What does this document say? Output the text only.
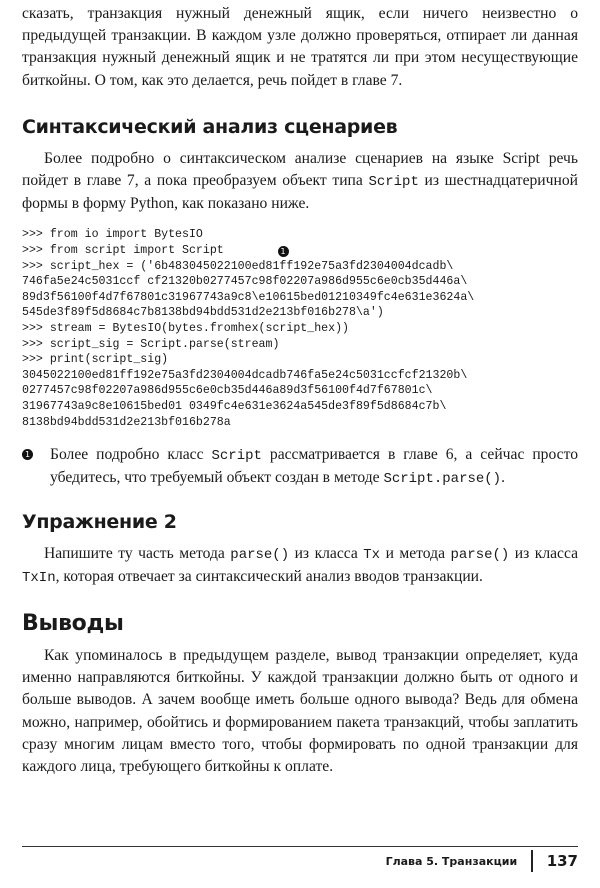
сказать, транзакция нужный денежный ящик, если ничего неизвестно о предыдущей транзакции. В каждом узле должно проверяться, отпирает ли данная транзакция нужный денежный ящик и не тратятся ли при этом несуществующие биткойны. О том, как это делается, речь пойдет в главе 7.

Синтаксический анализ сценариев

Более подробно о синтаксическом анализе сценариев на языке Script речь пойдет в главе 7, а пока преобразуем объект типа Script из шестнадцатеричной формы в форму Python, как показано ниже.

>>> from io import BytesIO
>>> from script import Script	1
>>> script_hex = ('6b483045022100ed81ff192e75a3fd2304004dcadb\
746fa5e24c5031ccf cf21320b0277457c98f02207a986d955c6e0cb35d446a\
89d3f56100f4d7f67801c31967743a9c8\e10615bed01210349fc4e631e3624a\
545de3f89f5d8684c7b8138bd94bdd531d2e213bf016b278\a')
>>> stream = BytesIO(bytes.fromhex(script_hex))
>>> script_sig = Script.parse(stream)
>>> print(script_sig)
3045022100ed81ff192e75a3fd2304004dcadb746fa5e24c5031ccfcf21320b\
0277457c98f02207a986d955c6e0cb35d446a89d3f56100f4d7f67801c\
31967743a9c8e10615bed01 0349fc4e631e3624a545de3f89f5d8684c7b\
8138bd94bdd531d2e213bf016b278a
1 Более подробно класс Script рассматривается в главе 6, а сейчас просто убедитесь, что требуемый объект создан в методе Script.parse().
Упражнение 2

Напишите ту часть метода parse() из класса Tx и метода parse() из класса TxIn, которая отвечает за синтаксический анализ вводов транзакции.

Выводы

Как упоминалось в предыдущем разделе, вывод транзакции определяет, куда именно направляются биткойны. У каждой транзакции должно быть от одного и больше выводов. А зачем вообще иметь больше одного вывода? Ведь для обмена можно, например, обойтись и формированием пакета транзакций, чтобы заплатить сразу многим лицам вместо того, чтобы формировать по одной транзакции для каждого лица, требующего биткойны к оплате.

Глава 5. Транзакции 137
